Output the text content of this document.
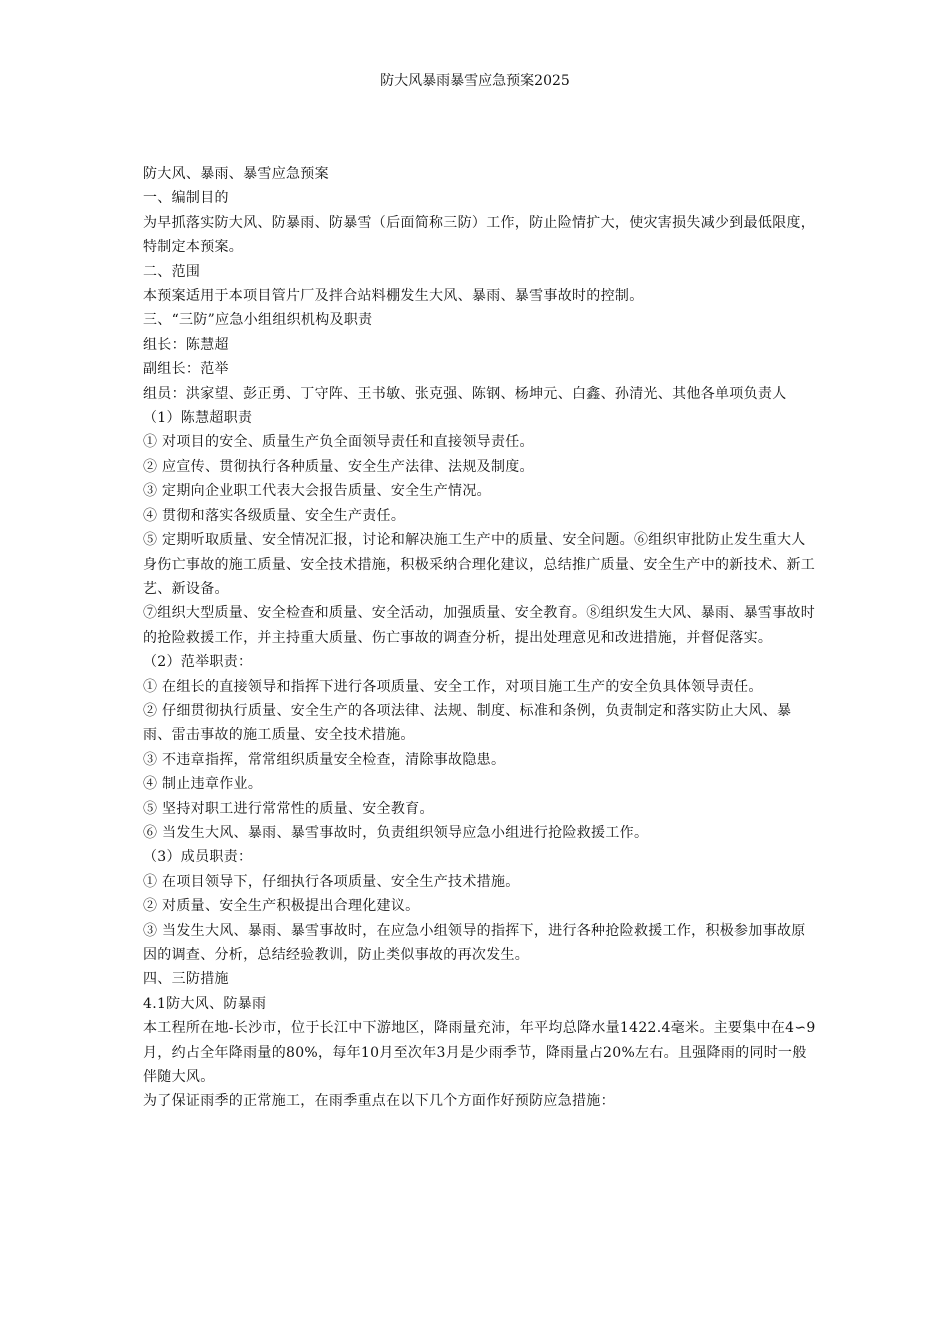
防大风暴雨暴雪应急预案2025

防大风、暴雨、暴雪应急预案

一、编制目的

为早抓落实防大风、防暴雨、防暴雪（后面简称三防）工作，防止险情扩大，使灾害损失减少到最低限度，特制定本预案。

二、范围

本预案适用于本项目管片厂及拌合站料棚发生大风、暴雨、暴雪事故时的控制。

三、“三防”应急小组组织机构及职责

组长：陈慧超

副组长：范举

组员：洪家望、彭正勇、丁守阵、王书敏、张克强、陈钢、杨坤元、白鑫、孙清光、其他各单项负责人

（1）陈慧超职责

① 对项目的安全、质量生产负全面领导责任和直接领导责任。

② 应宣传、贯彻执行各种质量、安全生产法律、法规及制度。

③ 定期向企业职工代表大会报告质量、安全生产情况。

④ 贯彻和落实各级质量、安全生产责任。

⑤ 定期听取质量、安全情况汇报，讨论和解决施工生产中的质量、安全问题。⑥组织审批防止发生重大人身伤亡事故的施工质量、安全技术措施，积极采纳合理化建议，总结推广质量、安全生产中的新技术、新工艺、新设备。

⑦组织大型质量、安全检查和质量、安全活动，加强质量、安全教育。⑧组织发生大风、暴雨、暴雪事故时的抢险救援工作，并主持重大质量、伤亡事故的调查分析，提出处理意见和改进措施，并督促落实。

（2）范举职责：

① 在组长的直接领导和指挥下进行各项质量、安全工作，对项目施工生产的安全负具体领导责任。

② 仔细贯彻执行质量、安全生产的各项法律、法规、制度、标准和条例，负责制定和落实防止大风、暴雨、雷击事故的施工质量、安全技术措施。

③ 不违章指挥，常常组织质量安全检查，清除事故隐患。

④ 制止违章作业。

⑤ 坚持对职工进行常常性的质量、安全教育。

⑥ 当发生大风、暴雨、暴雪事故时，负责组织领导应急小组进行抢险救援工作。

（3）成员职责：

① 在项目领导下，仔细执行各项质量、安全生产技术措施。

② 对质量、安全生产积极提出合理化建议。

③ 当发生大风、暴雨、暴雪事故时，在应急小组领导的指挥下，进行各种抢险救援工作，积极参加事故原因的调查、分析，总结经验教训，防止类似事故的再次发生。

四、三防措施

4.1防大风、防暴雨

本工程所在地-长沙市，位于长江中下游地区，降雨量充沛，年平均总降水量1422.4毫米。主要集中在4∽9月，约占全年降雨量的80%，每年10月至次年3月是少雨季节，降雨量占20%左右。且强降雨的同时一般伴随大风。

为了保证雨季的正常施工，在雨季重点在以下几个方面作好预防应急措施：
